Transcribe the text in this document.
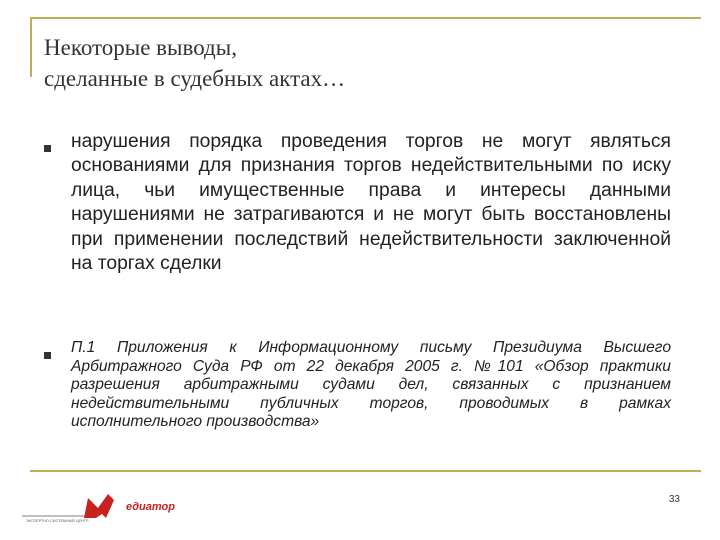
Некоторые выводы,
сделанные в судебных актах…
нарушения порядка проведения торгов не могут являться основаниями для признания торгов недействительными по иску лица, чьи имущественные права и интересы данными нарушениями не затрагиваются и не могут быть восстановлены при применении последствий недействительности заключенной на торгах сделки
П.1 Приложения к Информационному письму Президиума Высшего Арбитражного Суда РФ от 22 декабря 2005 г. №101 «Обзор практики разрешения арбитражными судами дел, связанных с признанием недействительными публичных торгов, проводимых в рамках исполнительного производства»
едиатор
ЭКСПЕРТНО-СИСТЕМНЫЙ ЦЕНТР
33
